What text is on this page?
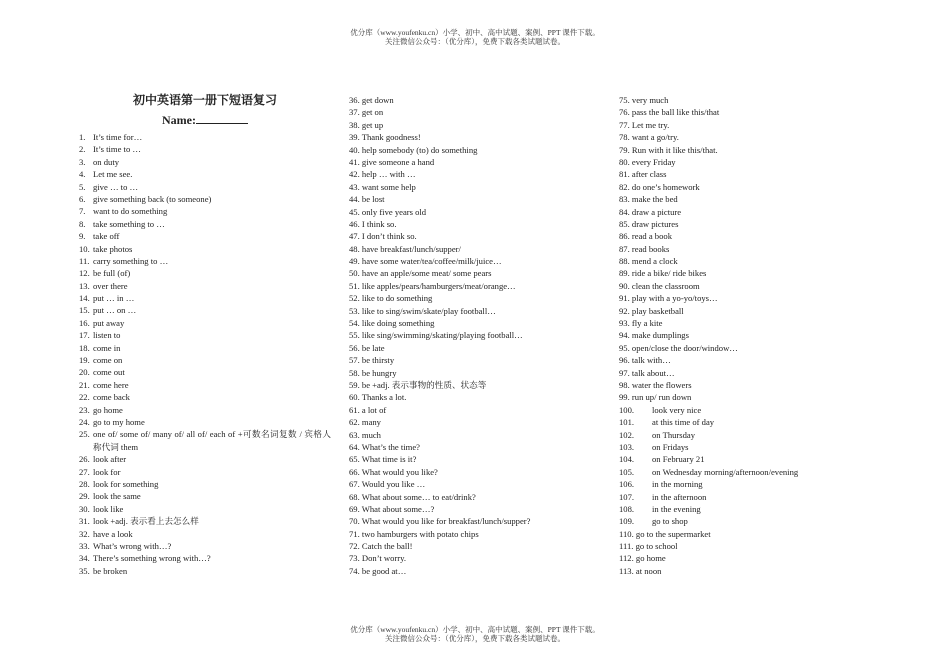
优分库（www.youfenku.cn）小学、初中、高中试题、案例、PPT 课件下载。
关注微信公众号：（优分库），免费下载各类试题试卷。
初中英语第一册下短语复习
Name:
1. It’s time for…
2. It’s time to …
3. on duty
4. Let me see.
5. give … to …
6. give something back (to someone)
7. want to do something
8. take something to …
9. take off
10. take photos
11. carry something to …
12. be full (of)
13. over there
14. put … in …
15. put … on …
16. put away
17. listen to
18. come in
19. come on
20. come out
21. come here
22. come back
23. go home
24. go to my home
25. one of/ some of/ many of/ all of/ each of +可数名词复数 / 宾格人称代词 them
26. look after
27. look for
28. look for something
29. look the same
30. look like
31. look +adj. 表示看上去怎么样
32. have a look
33. What’s wrong with…?
34. There’s something wrong with…?
35. be broken
36. get down
37. get on
38. get up
39. Thank goodness!
40. help somebody (to) do something
41. give someone a hand
42. help … with …
43. want some help
44. be lost
45. only five years old
46. I think so.
47. I don’t think so.
48. have breakfast/lunch/supper/
49. have some water/tea/coffee/milk/juice…
50. have an apple/some meat/ some pears
51. like apples/pears/hamburgers/meat/orange…
52. like to do something
53. like to sing/swim/skate/play football…
54. like doing something
55. like sing/swimming/skating/playing football…
56. be late
57. be thirsty
58. be hungry
59. be +adj. 表示事物的性质、状态等
60. Thanks a lot.
61. a lot of
62. many
63. much
64. What’s the time?
65. What time is it?
66. What would you like?
67. Would you like …
68. What about some… to eat/drink?
69. What about some…?
70. What would you like for breakfast/lunch/supper?
71. two hamburgers with potato chips
72. Catch the ball!
73. Don’t worry.
74. be good at…
75. very much
76. pass the ball like this/that
77. Let me try.
78. want a go/try.
79. Run with it like this/that.
80. every Friday
81. after class
82. do one’s homework
83. make the bed
84. draw a picture
85. draw pictures
86. read a book
87. read books
88. mend a clock
89. ride a bike/ ride bikes
90. clean the classroom
91. play with a yo-yo/toys…
92. play basketball
93. fly a kite
94. make dumplings
95. open/close the door/window…
96. talk with…
97. talk about…
98. water the flowers
99. run up/ run down
100. look very nice
101. at this time of day
102. on Thursday
103. on Fridays
104. on February 21
105. on Wednesday morning/afternoon/evening
106. in the morning
107. in the afternoon
108. in the evening
109. go to shop
110. go to the supermarket
111. go to school
112. go home
113. at noon
优分库（www.youfenku.cn）小学、初中、高中试题、案例、PPT 课件下载。
关注微信公众号：（优分库），免费下载各类试题试卷。
